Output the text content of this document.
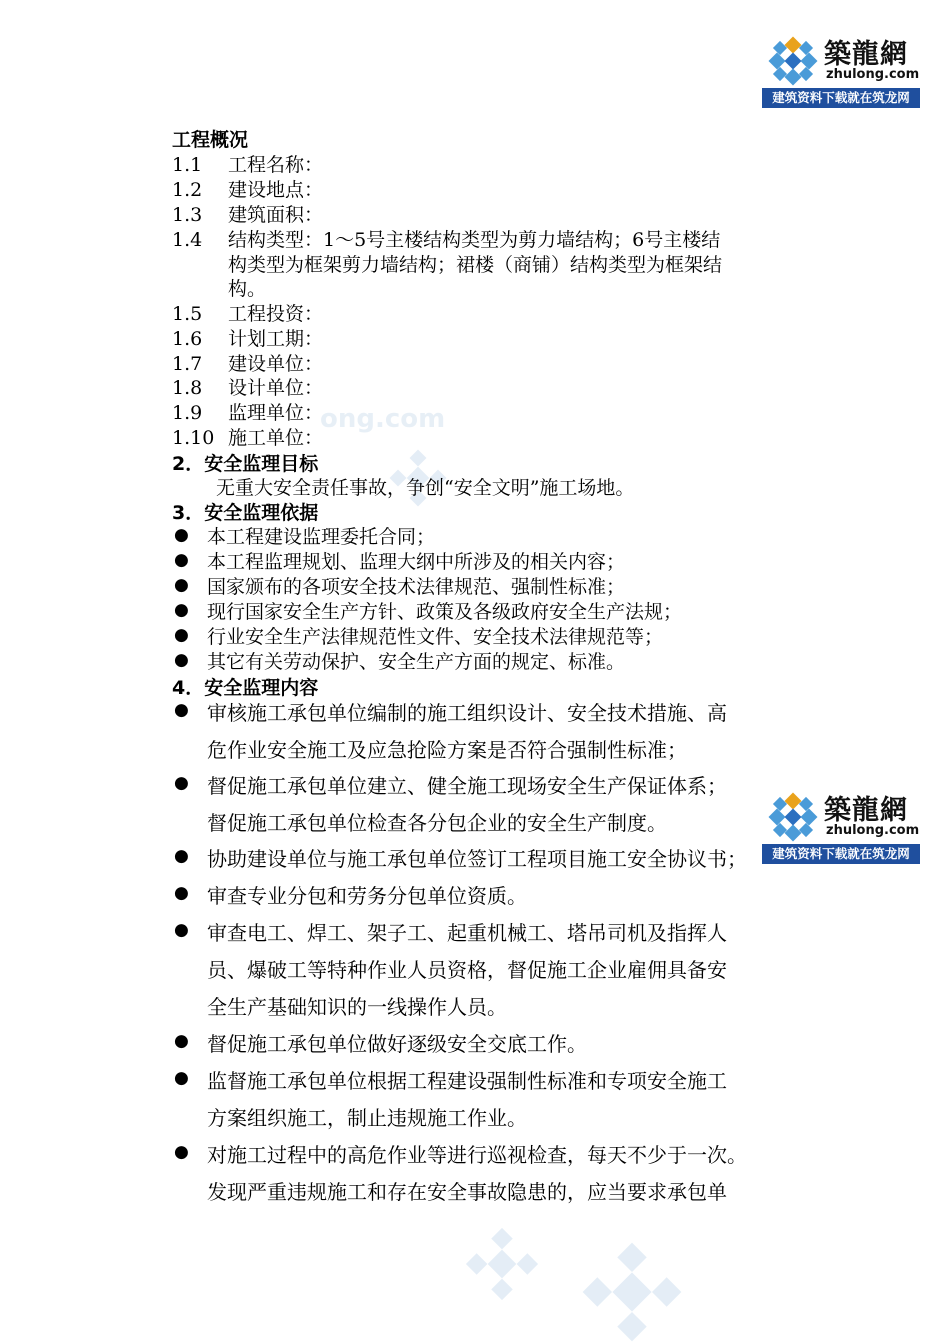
築龍網
zhulong.com
建筑资料下载就在筑龙网
築龍網
zhulong.com
建筑资料下载就在筑龙网
ong.com
工程概况
1.1 工程名称：
1.2 建设地点：
1.3 建筑面积：
1.4 结构类型：1～5号主楼结构类型为剪力墙结构；6号主楼结
构类型为框架剪力墙结构；裙楼（商铺）结构类型为框架结
构。
1.5 工程投资：
1.6 计划工期：
1.7 建设单位：
1.8 设计单位：
1.9 监理单位：
1.10 施工单位：
2．安全监理目标
无重大安全责任事故，争创“安全文明”施工场地。
3．安全监理依据
● 本工程建设监理委托合同；
● 本工程监理规划、监理大纲中所涉及的相关内容；
● 国家颁布的各项安全技术法律规范、强制性标准；
● 现行国家安全生产方针、政策及各级政府安全生产法规；
● 行业安全生产法律规范性文件、安全技术法律规范等；
● 其它有关劳动保护、安全生产方面的规定、标准。
4．安全监理内容
● 审核施工承包单位编制的施工组织设计、安全技术措施、高
危作业安全施工及应急抢险方案是否符合强制性标准；
● 督促施工承包单位建立、健全施工现场安全生产保证体系；
督促施工承包单位检查各分包企业的安全生产制度。
● 协助建设单位与施工承包单位签订工程项目施工安全协议书；
● 审查专业分包和劳务分包单位资质。
● 审查电工、焊工、架子工、起重机械工、塔吊司机及指挥人
员、爆破工等特种作业人员资格，督促施工企业雇佣具备安
全生产基础知识的一线操作人员。
● 督促施工承包单位做好逐级安全交底工作。
● 监督施工承包单位根据工程建设强制性标准和专项安全施工
方案组织施工，制止违规施工作业。
● 对施工过程中的高危作业等进行巡视检查，每天不少于一次。
发现严重违规施工和存在安全事故隐患的，应当要求承包单
